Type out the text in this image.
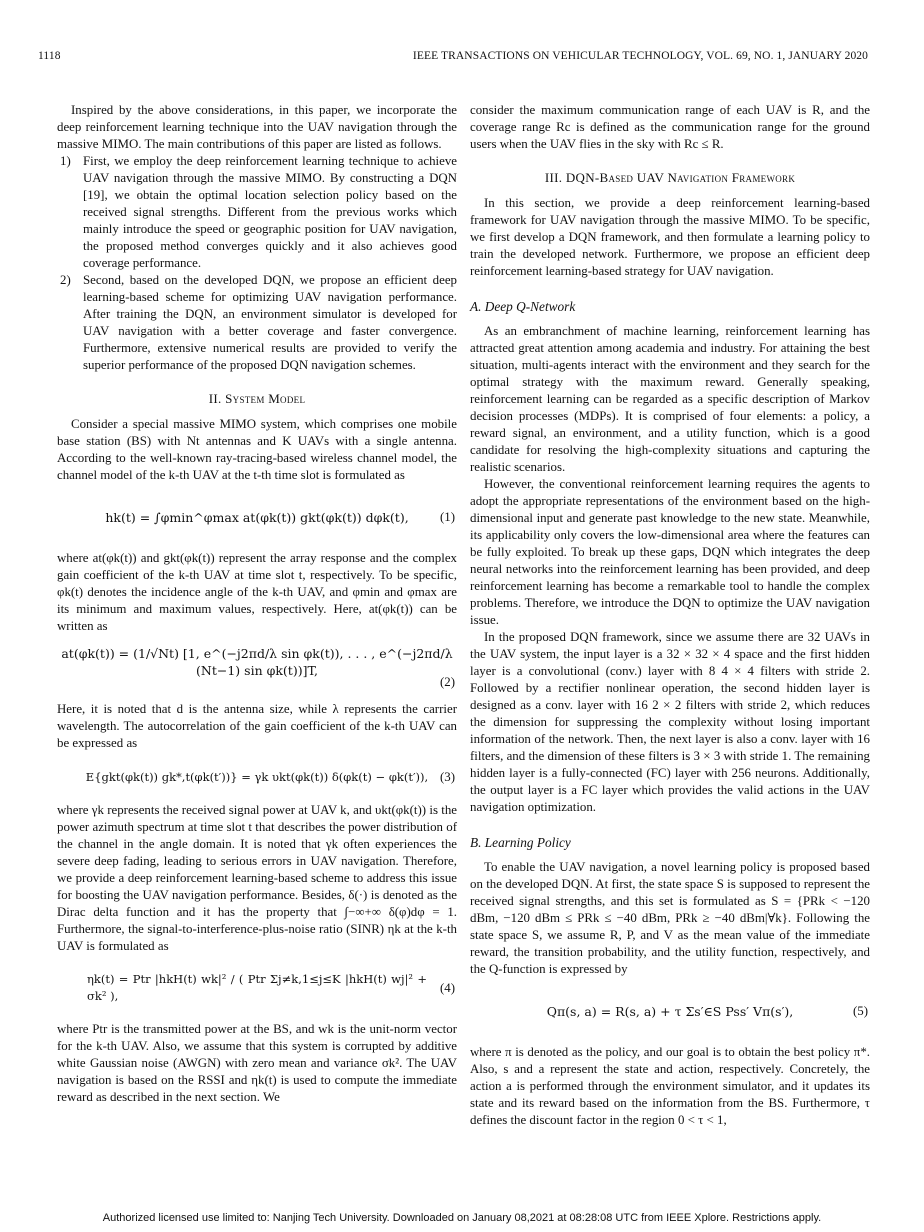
1118	IEEE TRANSACTIONS ON VEHICULAR TECHNOLOGY, VOL. 69, NO. 1, JANUARY 2020

Inspired by the above considerations, in this paper, we incorporate the deep reinforcement learning technique into the UAV navigation through the massive MIMO. The main contributions of this paper are listed as follows.

1) First, we employ the deep reinforcement learning technique to achieve UAV navigation through the massive MIMO. By constructing a DQN [19], we obtain the optimal location selection policy based on the received signal strengths. Different from the previous works which mainly introduce the speed or geographic position for UAV navigation, the proposed method converges quickly and it also achieves good coverage performance.
2) Second, based on the developed DQN, we propose an efficient deep learning-based scheme for optimizing UAV navigation performance. After training the DQN, an environment simulator is developed for UAV navigation with a better coverage and faster convergence. Furthermore, extensive numerical results are provided to verify the superior performance of the proposed DQN navigation schemes.
II. System Model

Consider a special massive MIMO system, which comprises one mobile base station (BS) with Nt antennas and K UAVs with a single antenna. According to the well-known ray-tracing-based wireless channel model, the channel model of the k-th UAV at the t-th time slot is formulated as

hk(t) = ∫φmin^φmax at(φk(t)) gkt(φk(t)) dφk(t), (1)

where at(φk(t)) and gkt(φk(t)) represent the array response and the complex gain coefficient of the k-th UAV at time slot t, respectively. To be specific, φk(t) denotes the incidence angle of the k-th UAV, and φmin and φmax are its minimum and maximum values, respectively. Here, at(φk(t)) can be written as

at(φk(t)) = (1/√Nt) [1, e^(−j2πd/λ sin φk(t)), . . . , e^(−j2πd/λ (Nt−1) sin φk(t))]T,
(2)

Here, it is noted that d is the antenna size, while λ represents the carrier wavelength. The autocorrelation of the gain coefficient of the k-th UAV can be expressed as

E{gkt(φk(t)) gk*,t(φk(t′))} = γk υkt(φk(t)) δ(φk(t) − φk(t′)), (3)

where γk represents the received signal power at UAV k, and υkt(φk(t)) is the power azimuth spectrum at time slot t that describes the power distribution of the channel in the angle domain. It is noted that γk often experiences the severe deep fading, leading to serious errors in UAV navigation. Therefore, we provide a deep reinforcement learning-based scheme to address this issue for boosting the UAV navigation performance. Besides, δ(·) is denoted as the Dirac delta function and it has the property that ∫−∞+∞ δ(φ)dφ = 1. Furthermore, the signal-to-interference-plus-noise ratio (SINR) ηk at the k-th UAV is formulated as

ηk(t) = Ptr |hkH(t) wk|² / ( Ptr Σj≠k,1≤j≤K |hkH(t) wj|² + σk² ),
(4)

where Ptr is the transmitted power at the BS, and wk is the unit-norm vector for the k-th UAV. Also, we assume that this system is corrupted by additive white Gaussian noise (AWGN) with zero mean and variance σk². The UAV navigation is based on the RSSI and ηk(t) is used to compute the immediate reward as described in the next section. We

consider the maximum communication range of each UAV is R, and the coverage range Rc is defined as the communication range for the ground users when the UAV flies in the sky with Rc ≤ R.

III. DQN-Based UAV Navigation Framework

In this section, we provide a deep reinforcement learning-based framework for UAV navigation through the massive MIMO. To be specific, we first develop a DQN framework, and then formulate a learning policy to train the developed network. Furthermore, we propose an efficient deep reinforcement learning-based strategy for UAV navigation.

A. Deep Q-Network

As an embranchment of machine learning, reinforcement learning has attracted great attention among academia and industry. For attaining the best situation, multi-agents interact with the environment and they search for the optimal strategy with the maximum reward. Generally speaking, reinforcement learning can be regarded as a specific description of Markov decision processes (MDPs). It is comprised of four elements: a policy, a reward signal, an environment, and a utility function, which is a good candidate for resolving the high-complexity situations and capturing the realistic scenarios.

However, the conventional reinforcement learning requires the agents to adopt the appropriate representations of the environment based on the high-dimensional input and generate past knowledge to the new state. Meanwhile, its applicability only covers the low-dimensional area where the features can be fully exploited. To break up these gaps, DQN which integrates the deep neural networks into the reinforcement learning has been provided, and deep reinforcement learning has become a remarkable tool to handle the complex problems. Therefore, we introduce the DQN to optimize the UAV navigation issue.

In the proposed DQN framework, since we assume there are 32 UAVs in the UAV system, the input layer is a 32 × 32 × 4 space and the first hidden layer is a convolutional (conv.) layer with 8 4 × 4 filters with stride 2. Followed by a rectifier nonlinear operation, the second hidden layer is designed as a conv. layer with 16 2 × 2 filters with stride 2, which reduces the dimension for suppressing the complexity without losing important information of the network. Then, the next layer is also a conv. layer with 16 filters, and the dimension of these filters is 3 × 3 with stride 1. The remaining hidden layer is a fully-connected (FC) layer with 256 neurons. Additionally, the output layer is a FC layer which provides the valid actions in the UAV navigation optimization.

B. Learning Policy

To enable the UAV navigation, a novel learning policy is proposed based on the developed DQN. At first, the state space S is supposed to represent the received signal strengths, and this set is formulated as S = {PRk < −120 dBm, −120 dBm ≤ PRk ≤ −40 dBm, PRk ≥ −40 dBm|∀k}. Following the state space S, we assume R, P, and V as the mean value of the immediate reward, the transition probability, and the utility function, respectively, and the Q-function is expressed by

Qπ(s, a) = R(s, a) + τ Σs′∈S Pss′ Vπ(s′),	(5)

where π is denoted as the policy, and our goal is to obtain the best policy π*. Also, s and a represent the state and action, respectively. Concretely, the action a is performed through the environment simulator, and it updates its state and its reward based on the information from the BS. Furthermore, τ defines the discount factor in the region 0 < τ < 1,

Authorized licensed use limited to: Nanjing Tech University. Downloaded on January 08,2021 at 08:28:08 UTC from IEEE Xplore. Restrictions apply.
